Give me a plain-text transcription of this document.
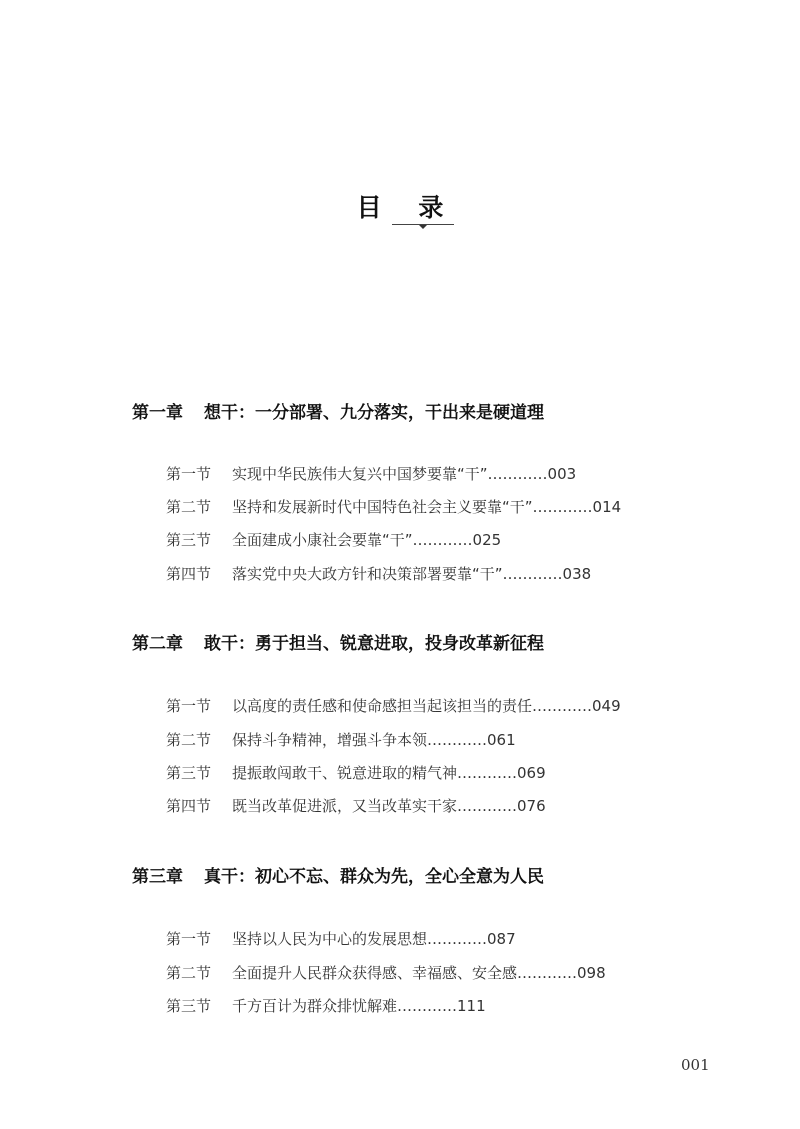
目 录
第一章 想干：一分部署、九分落实，干出来是硬道理
第一节 实现中华民族伟大复兴中国梦要靠“干”…………003
第二节 坚持和发展新时代中国特色社会主义要靠“干”…………014
第三节 全面建成小康社会要靠“干”…………025
第四节 落实党中央大政方针和决策部署要靠“干”…………038
第二章 敢干：勇于担当、锐意进取，投身改革新征程
第一节 以高度的责任感和使命感担当起该担当的责任…………049
第二节 保持斗争精神，增强斗争本领…………061
第三节 提振敢闯敢干、锐意进取的精气神…………069
第四节 既当改革促进派，又当改革实干家…………076
第三章 真干：初心不忘、群众为先，全心全意为人民
第一节 坚持以人民为中心的发展思想…………087
第二节 全面提升人民群众获得感、幸福感、安全感…………098
第三节 千方百计为群众排忧解难…………111
001
